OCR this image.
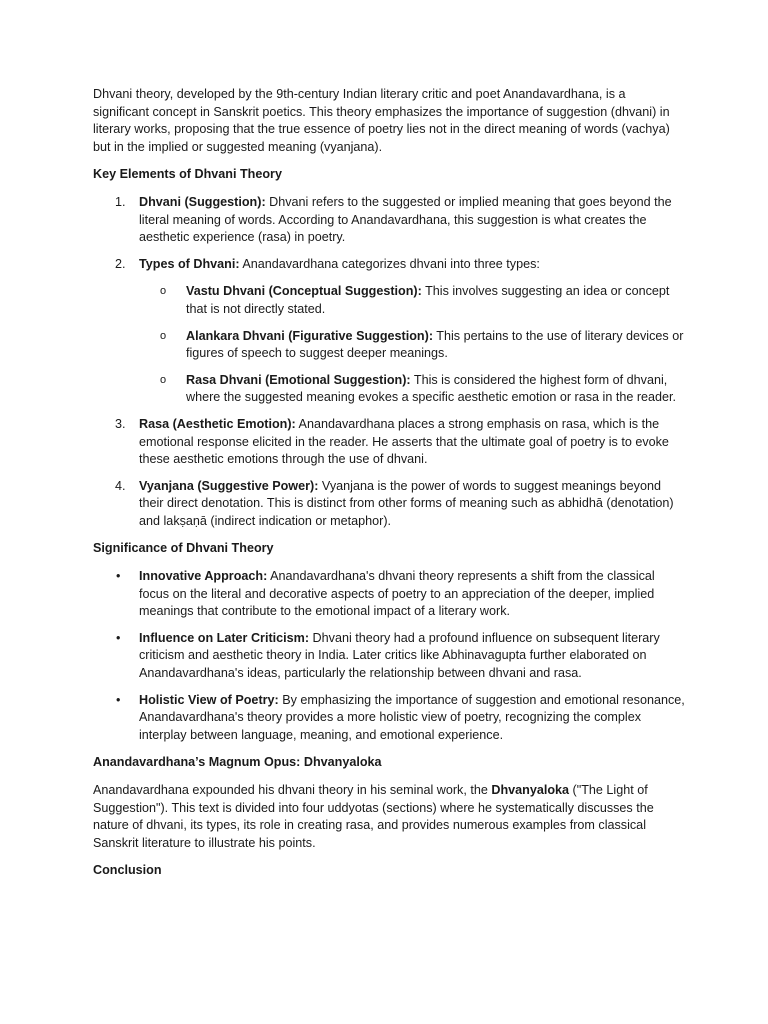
Dhvani theory, developed by the 9th-century Indian literary critic and poet Anandavardhana, is a significant concept in Sanskrit poetics. This theory emphasizes the importance of suggestion (dhvani) in literary works, proposing that the true essence of poetry lies not in the direct meaning of words (vachya) but in the implied or suggested meaning (vyanjana).

Key Elements of Dhvani Theory

1. Dhvani (Suggestion): Dhvani refers to the suggested or implied meaning that goes beyond the literal meaning of words. According to Anandavardhana, this suggestion is what creates the aesthetic experience (rasa) in poetry.
2. Types of Dhvani: Anandavardhana categorizes dhvani into three types:
o Vastu Dhvani (Conceptual Suggestion): This involves suggesting an idea or concept that is not directly stated.
o Alankara Dhvani (Figurative Suggestion): This pertains to the use of literary devices or figures of speech to suggest deeper meanings.
o Rasa Dhvani (Emotional Suggestion): This is considered the highest form of dhvani, where the suggested meaning evokes a specific aesthetic emotion or rasa in the reader.
3. Rasa (Aesthetic Emotion): Anandavardhana places a strong emphasis on rasa, which is the emotional response elicited in the reader. He asserts that the ultimate goal of poetry is to evoke these aesthetic emotions through the use of dhvani.
4. Vyanjana (Suggestive Power): Vyanjana is the power of words to suggest meanings beyond their direct denotation. This is distinct from other forms of meaning such as abhidhā (denotation) and lakṣaṇā (indirect indication or metaphor).

Significance of Dhvani Theory

• Innovative Approach: Anandavardhana's dhvani theory represents a shift from the classical focus on the literal and decorative aspects of poetry to an appreciation of the deeper, implied meanings that contribute to the emotional impact of a literary work.
• Influence on Later Criticism: Dhvani theory had a profound influence on subsequent literary criticism and aesthetic theory in India. Later critics like Abhinavagupta further elaborated on Anandavardhana's ideas, particularly the relationship between dhvani and rasa.
• Holistic View of Poetry: By emphasizing the importance of suggestion and emotional resonance, Anandavardhana's theory provides a more holistic view of poetry, recognizing the complex interplay between language, meaning, and emotional experience.

Anandavardhana’s Magnum Opus: Dhvanyaloka

Anandavardhana expounded his dhvani theory in his seminal work, the Dhvanyaloka ("The Light of Suggestion"). This text is divided into four uddyotas (sections) where he systematically discusses the nature of dhvani, its types, its role in creating rasa, and provides numerous examples from classical Sanskrit literature to illustrate his points.

Conclusion
